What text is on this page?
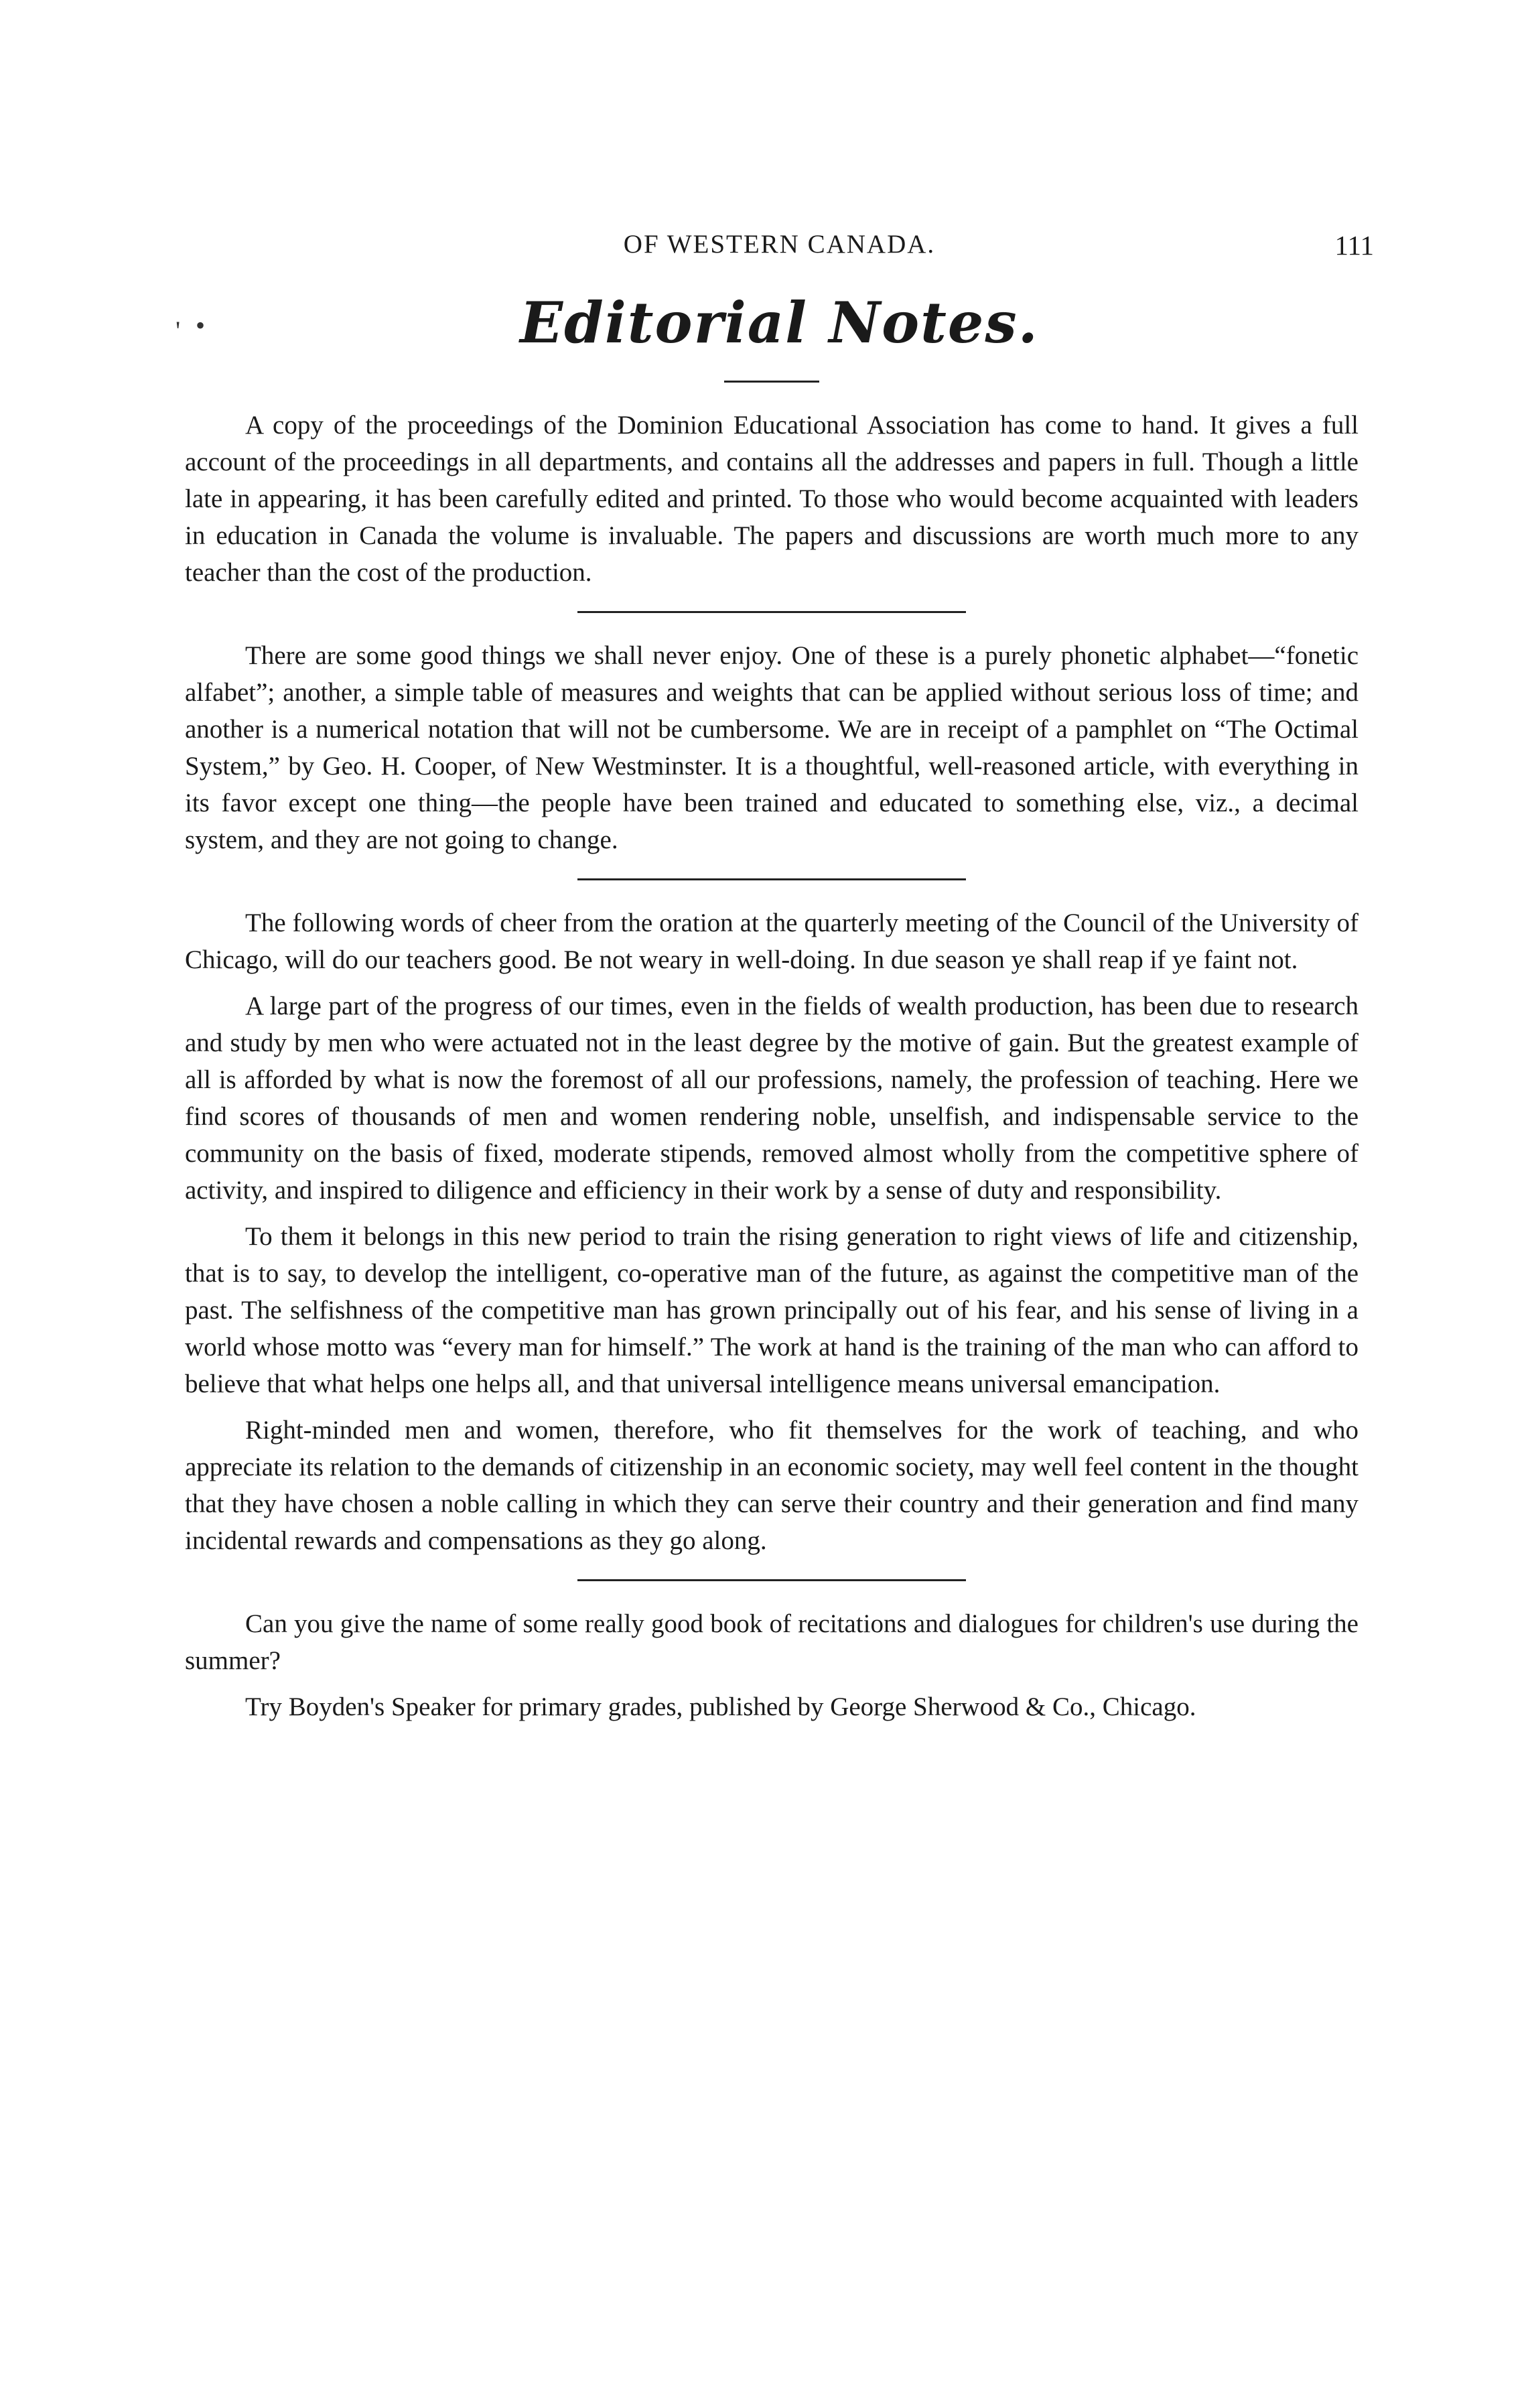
OF WESTERN CANADA.	111
' •	Editorial Notes.

A copy of the proceedings of the Dominion Educational Association has come to hand. It gives a full account of the proceedings in all departments, and contains all the addresses and papers in full. Though a little late in appearing, it has been carefully edited and printed. To those who would become acquainted with leaders in education in Canada the volume is invaluable. The papers and discussions are worth much more to any teacher than the cost of the production.

There are some good things we shall never enjoy. One of these is a purely phonetic alphabet—“fonetic alfabet”; another, a simple table of measures and weights that can be applied without serious loss of time; and another is a numerical notation that will not be cumbersome. We are in receipt of a pamphlet on “The Octimal System,” by Geo. H. Cooper, of New Westminster. It is a thoughtful, well-reasoned article, with everything in its favor except one thing—the people have been trained and educated to something else, viz., a decimal system, and they are not going to change.

The following words of cheer from the oration at the quarterly meeting of the Council of the University of Chicago, will do our teachers good. Be not weary in well-doing. In due season ye shall reap if ye faint not.

A large part of the progress of our times, even in the fields of wealth production, has been due to research and study by men who were actuated not in the least degree by the motive of gain. But the greatest example of all is afforded by what is now the foremost of all our professions, namely, the profession of teaching. Here we find scores of thousands of men and women rendering noble, unselfish, and indispensable service to the community on the basis of fixed, moderate stipends, removed almost wholly from the competitive sphere of activity, and inspired to diligence and efficiency in their work by a sense of duty and responsibility.

To them it belongs in this new period to train the rising generation to right views of life and citizenship, that is to say, to develop the intelligent, co-operative man of the future, as against the competitive man of the past. The selfishness of the competitive man has grown principally out of his fear, and his sense of living in a world whose motto was “every man for himself.” The work at hand is the training of the man who can afford to believe that what helps one helps all, and that universal intelligence means universal emancipation.

Right-minded men and women, therefore, who fit themselves for the work of teaching, and who appreciate its relation to the demands of citizenship in an economic society, may well feel content in the thought that they have chosen a noble calling in which they can serve their country and their generation and find many incidental rewards and compensations as they go along.

Can you give the name of some really good book of recitations and dialogues for children's use during the summer?

Try Boyden's Speaker for primary grades, published by George Sherwood & Co., Chicago.
